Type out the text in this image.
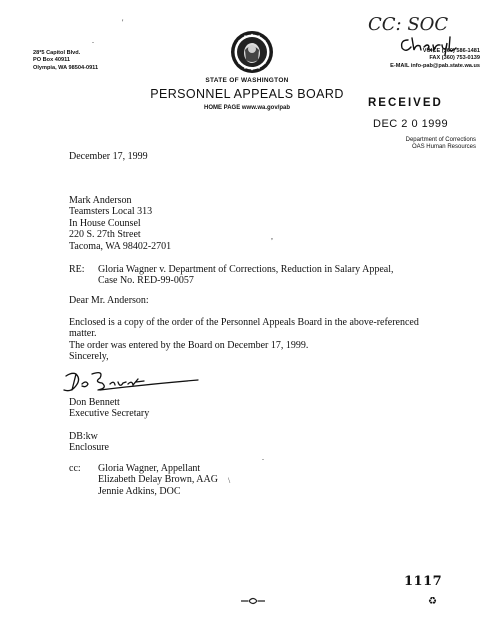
28*5 Capitol Blvd.
PO Box 40911
Olympia, WA 98504-0911
STATE OF WASHINGTON
PERSONNEL APPEALS BOARD
HOME PAGE www.wa.gov/pab
CC: SOC
Cheryl
VOICE (360) 586-1481
FAX (360) 753-0139
E-MAIL info-pab@pab.state.wa.us
RECEIVED
DEC 2 0 1999
Department of Corrections
OAS Human Resources
December 17, 1999
Mark Anderson
Teamsters Local 313
In House Counsel
220 S. 27th Street
Tacoma, WA 98402-2701
RE: Gloria Wagner v. Department of Corrections, Reduction in Salary Appeal,
Case No. RED-99-0057
Dear Mr. Anderson:
Enclosed is a copy of the order of the Personnel Appeals Board in the above-referenced matter.
The order was entered by the Board on December 17, 1999.
Sincerely,
Don Bennett
Executive Secretary
DB:kw
Enclosure
cc: Gloria Wagner, Appellant
Elizabeth Delay Brown, AAG
Jennie Adkins, DOC
'
.
,
\
.
1117
♻
